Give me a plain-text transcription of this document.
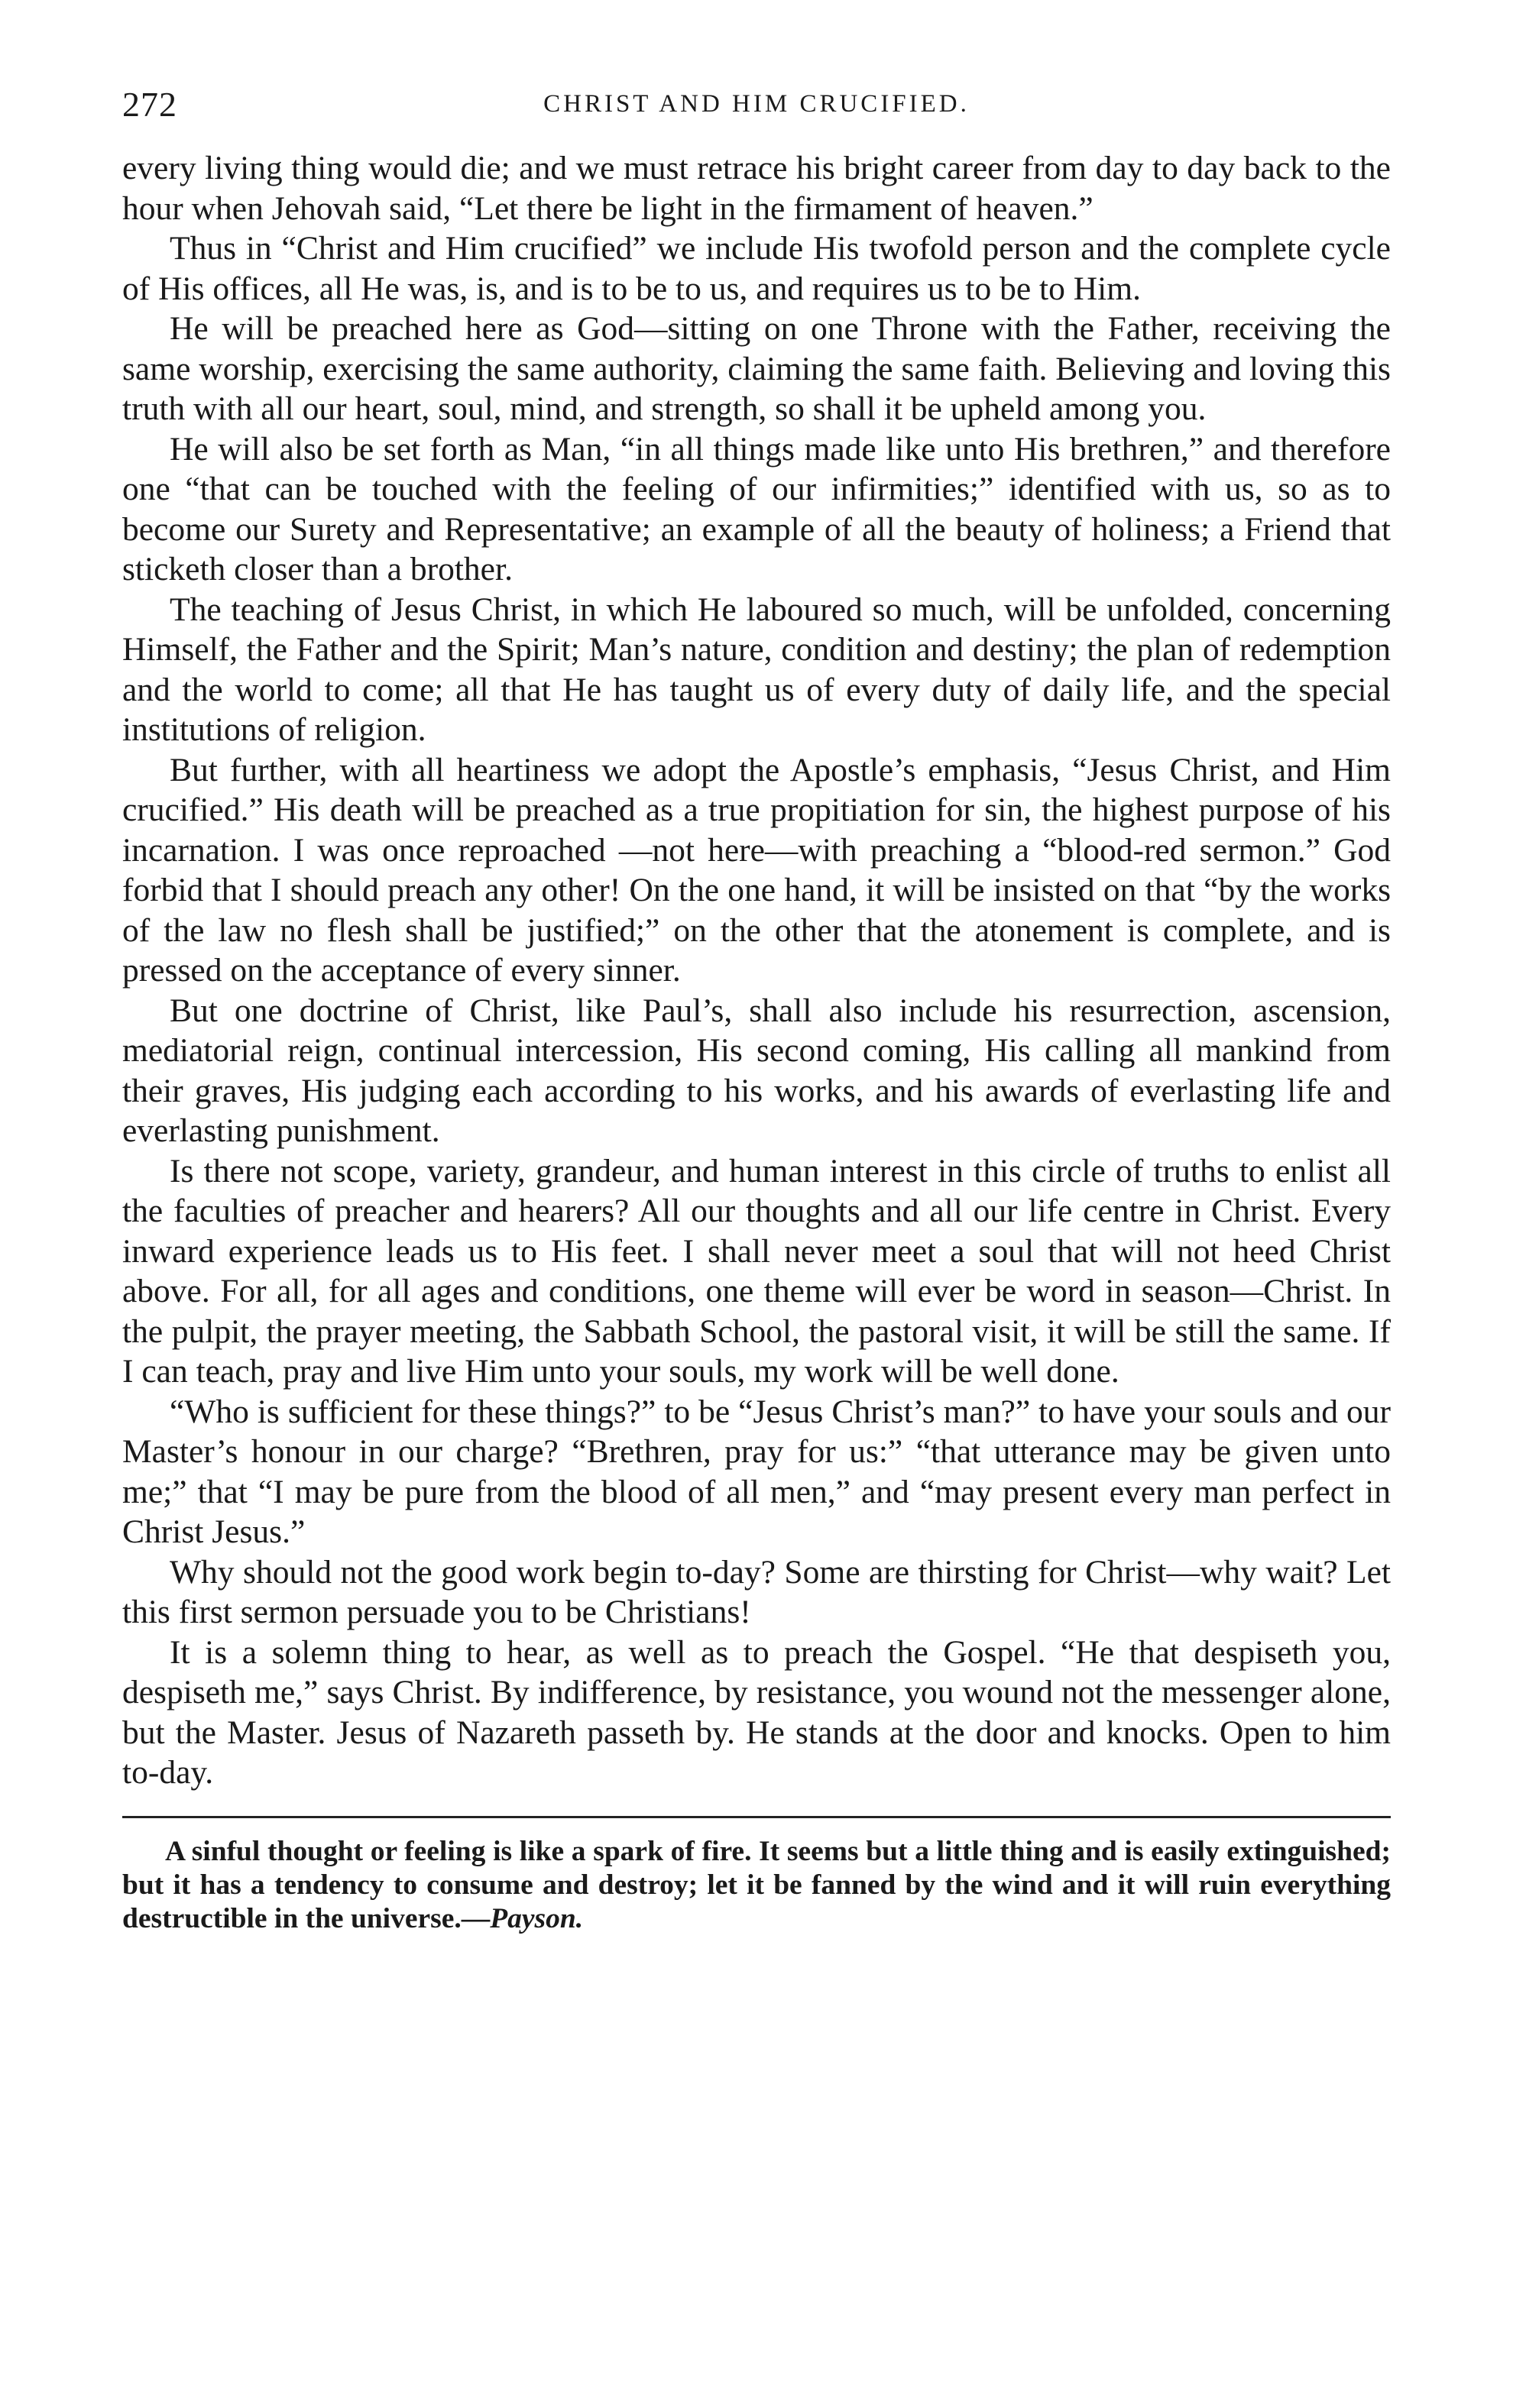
272	CHRIST AND HIM CRUCIFIED.

every living thing would die; and we must retrace his bright career from day to day back to the hour when Jehovah said, “Let there be light in the firmament of heaven.”

Thus in “Christ and Him crucified” we include His twofold person and the complete cycle of His offices, all He was, is, and is to be to us, and requires us to be to Him.

He will be preached here as God—sitting on one Throne with the Father, receiving the same worship, exercising the same authority, claiming the same faith. Believing and loving this truth with all our heart, soul, mind, and strength, so shall it be upheld among you.

He will also be set forth as Man, “in all things made like unto His brethren,” and therefore one “that can be touched with the feeling of our infirmities;” identified with us, so as to become our Surety and Representative; an example of all the beauty of holiness; a Friend that sticketh closer than a brother.

The teaching of Jesus Christ, in which He laboured so much, will be unfolded, concerning Himself, the Father and the Spirit; Man’s nature, condition and destiny; the plan of redemption and the world to come; all that He has taught us of every duty of daily life, and the special institutions of religion.

But further, with all heartiness we adopt the Apostle’s emphasis, “Jesus Christ, and Him crucified.” His death will be preached as a true propitiation for sin, the highest purpose of his incarnation. I was once reproached —not here—with preaching a “blood-red sermon.” God forbid that I should preach any other! On the one hand, it will be insisted on that “by the works of the law no flesh shall be justified;” on the other that the atonement is complete, and is pressed on the acceptance of every sinner.

But one doctrine of Christ, like Paul’s, shall also include his resurrection, ascension, mediatorial reign, continual intercession, His second coming, His calling all mankind from their graves, His judging each according to his works, and his awards of everlasting life and everlasting punishment.

Is there not scope, variety, grandeur, and human interest in this circle of truths to enlist all the faculties of preacher and hearers? All our thoughts and all our life centre in Christ. Every inward experience leads us to His feet. I shall never meet a soul that will not heed Christ above. For all, for all ages and conditions, one theme will ever be word in season—Christ. In the pulpit, the prayer meeting, the Sabbath School, the pastoral visit, it will be still the same. If I can teach, pray and live Him unto your souls, my work will be well done.

“Who is sufficient for these things?” to be “Jesus Christ’s man?” to have your souls and our Master’s honour in our charge? “Brethren, pray for us:” “that utterance may be given unto me;” that “I may be pure from the blood of all men,” and “may present every man perfect in Christ Jesus.”

Why should not the good work begin to-day? Some are thirsting for Christ—why wait? Let this first sermon persuade you to be Christians!

It is a solemn thing to hear, as well as to preach the Gospel. “He that despiseth you, despiseth me,” says Christ. By indifference, by resistance, you wound not the messenger alone, but the Master. Jesus of Nazareth passeth by. He stands at the door and knocks. Open to him to-day.

A sinful thought or feeling is like a spark of fire. It seems but a little thing and is easily extinguished; but it has a tendency to consume and destroy; let it be fanned by the wind and it will ruin everything destructible in the universe.—Payson.
